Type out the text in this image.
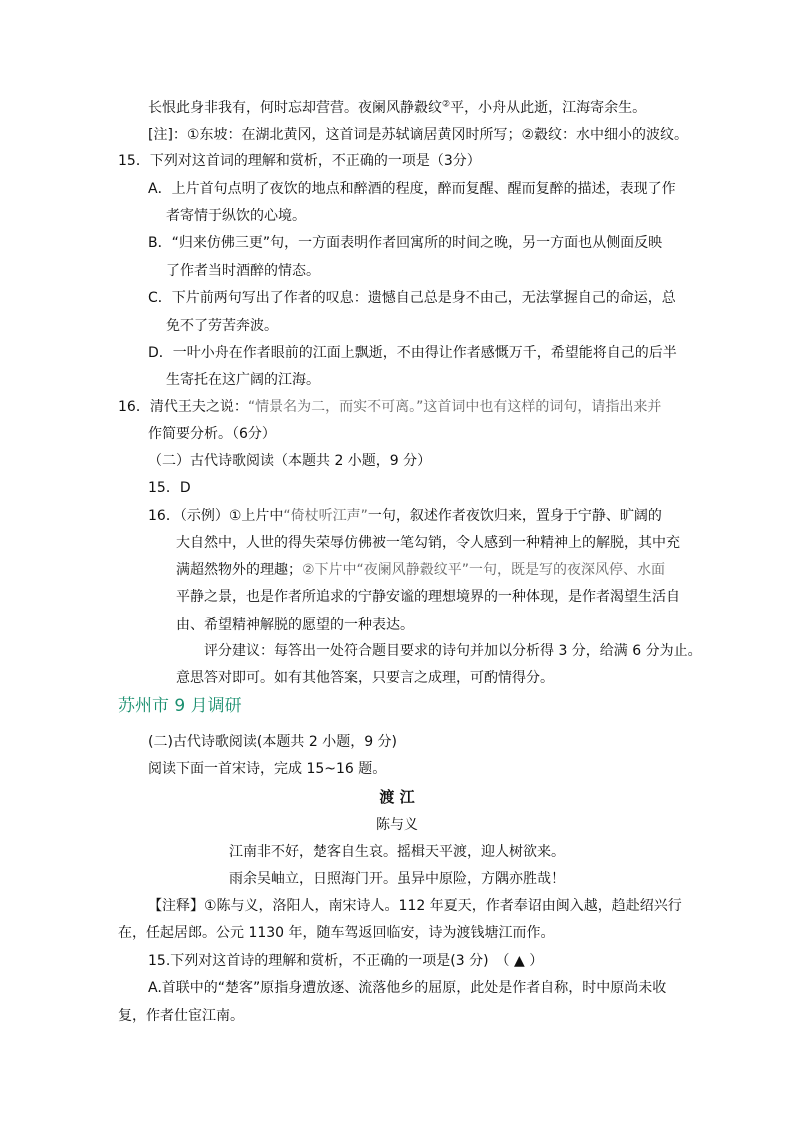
长恨此身非我有，何时忘却营营。夜阑风静縠纹②平，小舟从此逝，江海寄余生。
[注]：①东坡：在湖北黄冈，这首词是苏轼谪居黄冈时所写；②縠纹：水中细小的波纹。
15．下列对这首词的理解和赏析，不正确的一项是（3分）
A．上片首句点明了夜饮的地点和醉酒的程度，醉而复醒、醒而复醉的描述，表现了作
者寄情于纵饮的心境。
B．“归来仿佛三更”句，一方面表明作者回寓所的时间之晚，另一方面也从侧面反映
了作者当时酒醉的情态。
C．下片前两句写出了作者的叹息：遗憾自己总是身不由己，无法掌握自己的命运，总
免不了劳苦奔波。
D．一叶小舟在作者眼前的江面上飘逝，不由得让作者感慨万千，希望能将自己的后半
生寄托在这广阔的江海。
16．清代王夫之说：“情景名为二，而实不可离。”这首词中也有这样的词句，请指出来并
作简要分析。（6分）
（二）古代诗歌阅读（本题共 2 小题，9 分）
15．D
16．（示例）①上片中“倚杖听江声”一句，叙述作者夜饮归来，置身于宁静、旷阔的
大自然中，人世的得失荣辱仿佛被一笔勾销，令人感到一种精神上的解脱，其中充
满超然物外的理趣；②下片中“夜阑风静縠纹平”一句，既是写的夜深风停、水面
平静之景，也是作者所追求的宁静安谧的理想境界的一种体现，是作者渴望生活自
由、希望精神解脱的愿望的一种表达。
评分建议：每答出一处符合题目要求的诗句并加以分析得 3 分，给满 6 分为止。
意思答对即可。如有其他答案，只要言之成理，可酌情得分。
苏州市 9 月调研
(二)古代诗歌阅读(本题共 2 小题，9 分)
阅读下面一首宋诗，完成 15~16 题。
渡 江
陈与义
江南非不好，楚客自生哀。摇楫天平渡，迎人树欲来。
雨余吴岫立，日照海门开。虽异中原险，方隅亦胜哉！
【注释】①陈与义，洛阳人，南宋诗人。112 年夏天，作者奉诏由闽入越，趋赴绍兴行
在，任起居郎。公元 1130 年，随车驾返回临安，诗为渡钱塘江而作。
15.下列对这首诗的理解和赏析，不正确的一项是(3 分)　（ ▲ ）
A.首联中的“楚客”原指身遭放逐、流落他乡的屈原，此处是作者自称，时中原尚未收
复，作者仕宦江南。
